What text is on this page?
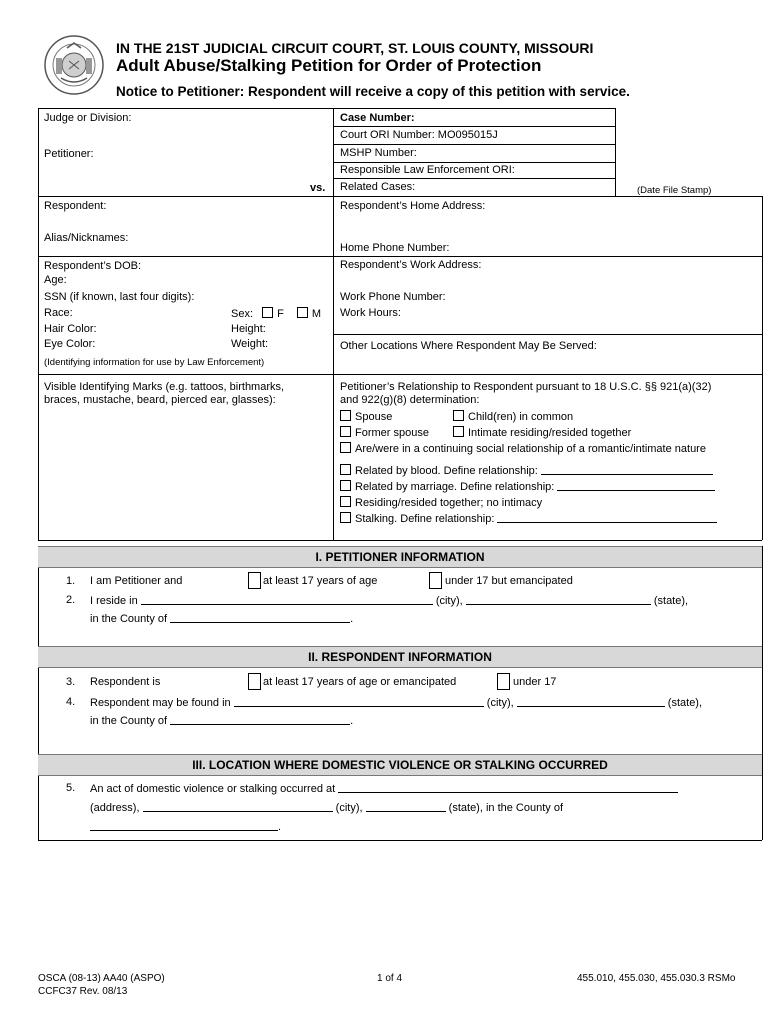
IN THE 21ST JUDICIAL CIRCUIT COURT, ST. LOUIS COUNTY, MISSOURI
Adult Abuse/Stalking Petition for Order of Protection
Notice to Petitioner: Respondent will receive a copy of this petition with service.
Judge or Division:
Petitioner:
vs.
Respondent:
Alias/Nicknames:
Case Number:
Court ORI Number: MO095015J
MSHP Number:
Responsible Law Enforcement ORI:
Related Cases:	(Date File Stamp)
Respondent’s Home Address:
Home Phone Number:
Respondent’s Work Address:
Work Phone Number:
Work Hours:
Other Locations Where Respondent May Be Served:
Respondent’s DOB:
Age:
SSN (if known, last four digits):
Race:	Sex: F	M
Hair Color:	Height:
Eye Color:	Weight:
(Identifying information for use by Law Enforcement)
Visible Identifying Marks (e.g. tattoos, birthmarks,
braces, mustache, beard, pierced ear, glasses):
Petitioner’s Relationship to Respondent pursuant to 18 U.S.C. §§ 921(a)(32)
and 922(g)(8) determination:
Spouse	Child(ren) in common
Former spouse	Intimate residing/resided together
Are/were in a continuing social relationship of a romantic/intimate nature
Related by blood. Define relationship:
Related by marriage. Define relationship:
Residing/resided together; no intimacy
Stalking. Define relationship:
I. PETITIONER INFORMATION
1. I am Petitioner and	at least 17 years of age	under 17 but emancipated
2. I reside in	(city),	(state),
in the County of	.
II. RESPONDENT INFORMATION
3. Respondent is	at least 17 years of age or emancipated	under 17
4. Respondent may be found in	(city),	(state),
in the County of	.
III. LOCATION WHERE DOMESTIC VIOLENCE OR STALKING OCCURRED
5. An act of domestic violence or stalking occurred at
(address),	(city),	(state), in the County of
.
OSCA (08-13) AA40 (ASPO)
CCFC37 Rev. 08/13
1 of 4	455.010, 455.030, 455.030.3 RSMo
